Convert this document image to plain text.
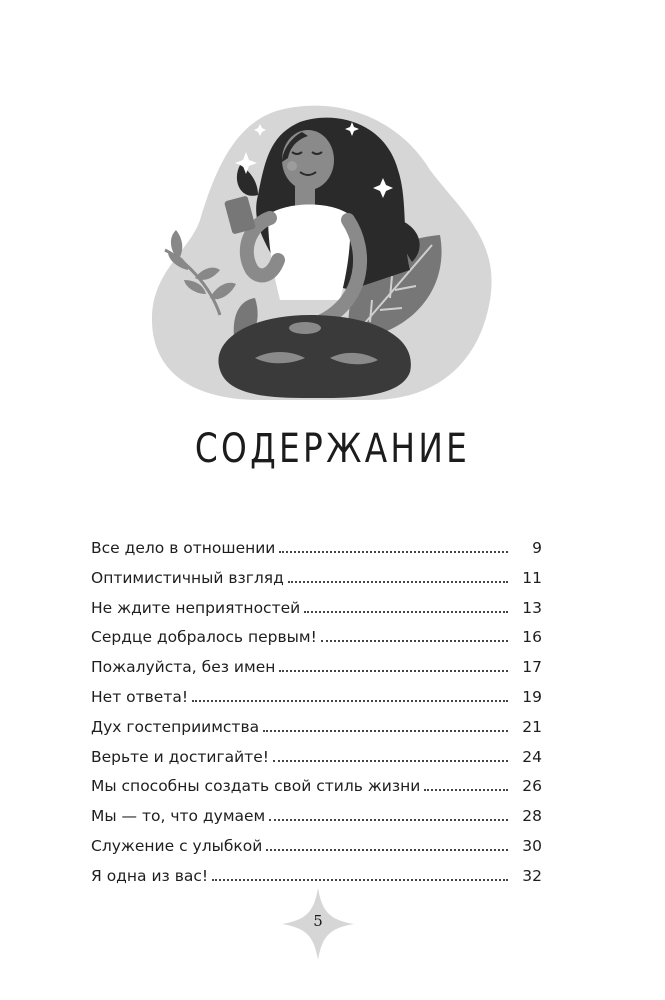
СОДЕРЖАНИЕ
Все дело в отношении	9
Оптимистичный взгляд	11
Не ждите неприятностей	13
Сердце добралось первым!	16
Пожалуйста, без имен	17
Нет ответа!	19
Дух гостеприимства	21
Верьте и достигайте!	24
Мы способны создать свой стиль жизни	26
Мы — то, что думаем	28
Служение с улыбкой	30
Я одна из вас!	32
5
